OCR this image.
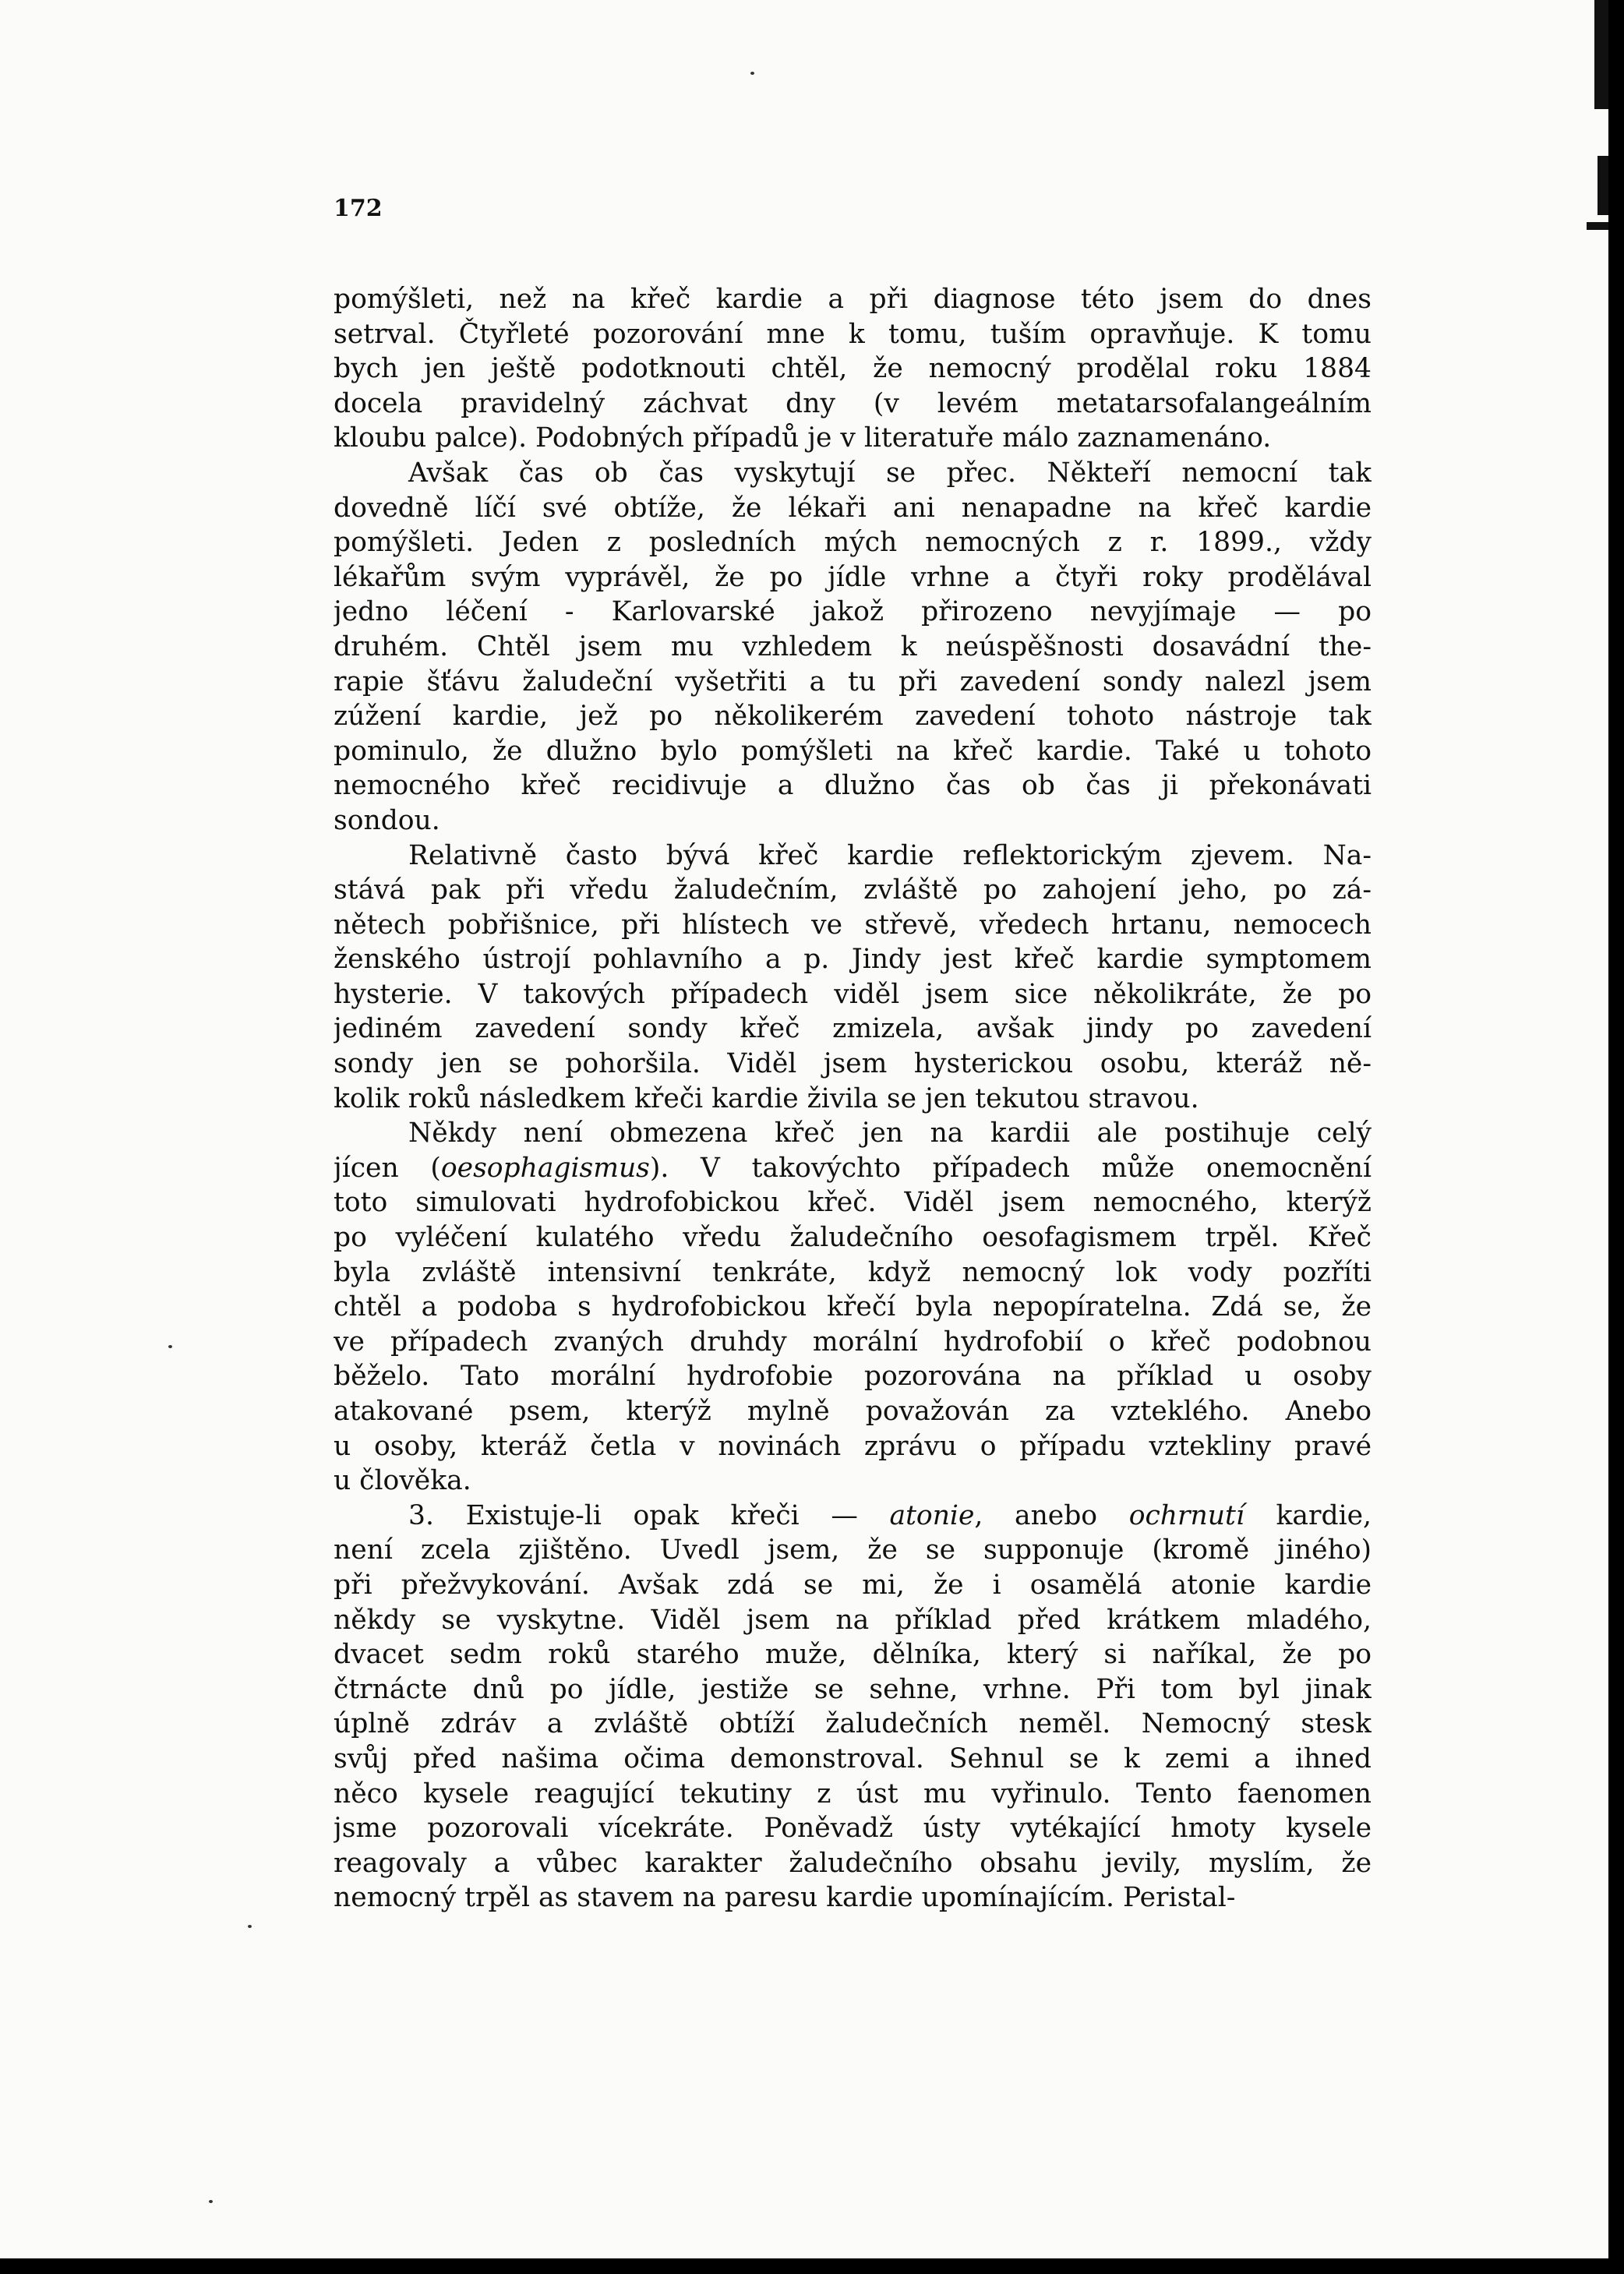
172
pomýšleti, než na křeč kardie a při diagnose této jsem do dnes
setrval. Čtyřleté pozorování mne k tomu, tuším opravňuje. K tomu
bych jen ještě podotknouti chtěl, že nemocný prodělal roku 1884
docela pravidelný záchvat dny (v levém metatarsofalangeálním
kloubu palce). Podobných případů je v literatuře málo zaznamenáno.
Avšak čas ob čas vyskytují se přec. Někteří nemocní tak
dovedně líčí své obtíže, že lékaři ani nenapadne na křeč kardie
pomýšleti. Jeden z posledních mých nemocných z r. 1899., vždy
lékařům svým vyprávěl, že po jídle vrhne a čtyři roky prodělával
jedno léčení - Karlovarské jakož přirozeno nevyjímaje — po
druhém. Chtěl jsem mu vzhledem k neúspěšnosti dosavádní the-
rapie šťávu žaludeční vyšetřiti a tu při zavedení sondy nalezl jsem
zúžení kardie, jež po několikerém zavedení tohoto nástroje tak
pominulo, že dlužno bylo pomýšleti na křeč kardie. Také u tohoto
nemocného křeč recidivuje a dlužno čas ob čas ji překonávati
sondou.
Relativně často bývá křeč kardie reflektorickým zjevem. Na-
stává pak při vředu žaludečním, zvláště po zahojení jeho, po zá-
nětech pobřišnice, při hlístech ve střevě, vředech hrtanu, nemocech
ženského ústrojí pohlavního a p. Jindy jest křeč kardie symptomem
hysterie. V takových případech viděl jsem sice několikráte, že po
jediném zavedení sondy křeč zmizela, avšak jindy po zavedení
sondy jen se pohoršila. Viděl jsem hysterickou osobu, kteráž ně-
kolik roků následkem křeči kardie živila se jen tekutou stravou.
Někdy není obmezena křeč jen na kardii ale postihuje celý
jícen (oesophagismus). V takovýchto případech může onemocnění
toto simulovati hydrofobickou křeč. Viděl jsem nemocného, kterýž
po vyléčení kulatého vředu žaludečního oesofagismem trpěl. Křeč
byla zvláště intensivní tenkráte, když nemocný lok vody pozříti
chtěl a podoba s hydrofobickou křečí byla nepopíratelna. Zdá se, že
ve případech zvaných druhdy morální hydrofobií o křeč podobnou
běželo. Tato morální hydrofobie pozorována na příklad u osoby
atakované psem, kterýž mylně považován za vzteklého. Anebo
u osoby, kteráž četla v novinách zprávu o případu vztekliny pravé
u člověka.
3. Existuje-li opak křeči — atonie, anebo ochrnutí kardie,
není zcela zjištěno. Uvedl jsem, že se supponuje (kromě jiného)
při přežvykování. Avšak zdá se mi, že i osamělá atonie kardie
někdy se vyskytne. Viděl jsem na příklad před krátkem mladého,
dvacet sedm roků starého muže, dělníka, který si naříkal, že po
čtrnácte dnů po jídle, jestiže se sehne, vrhne. Při tom byl jinak
úplně zdráv a zvláště obtíží žaludečních neměl. Nemocný stesk
svůj před našima očima demonstroval. Sehnul se k zemi a ihned
něco kysele reagující tekutiny z úst mu vyřinulo. Tento faenomen
jsme pozorovali vícekráte. Poněvadž ústy vytékající hmoty kysele
reagovaly a vůbec karakter žaludečního obsahu jevily, myslím, že
nemocný trpěl as stavem na paresu kardie upomínajícím. Peristal-
